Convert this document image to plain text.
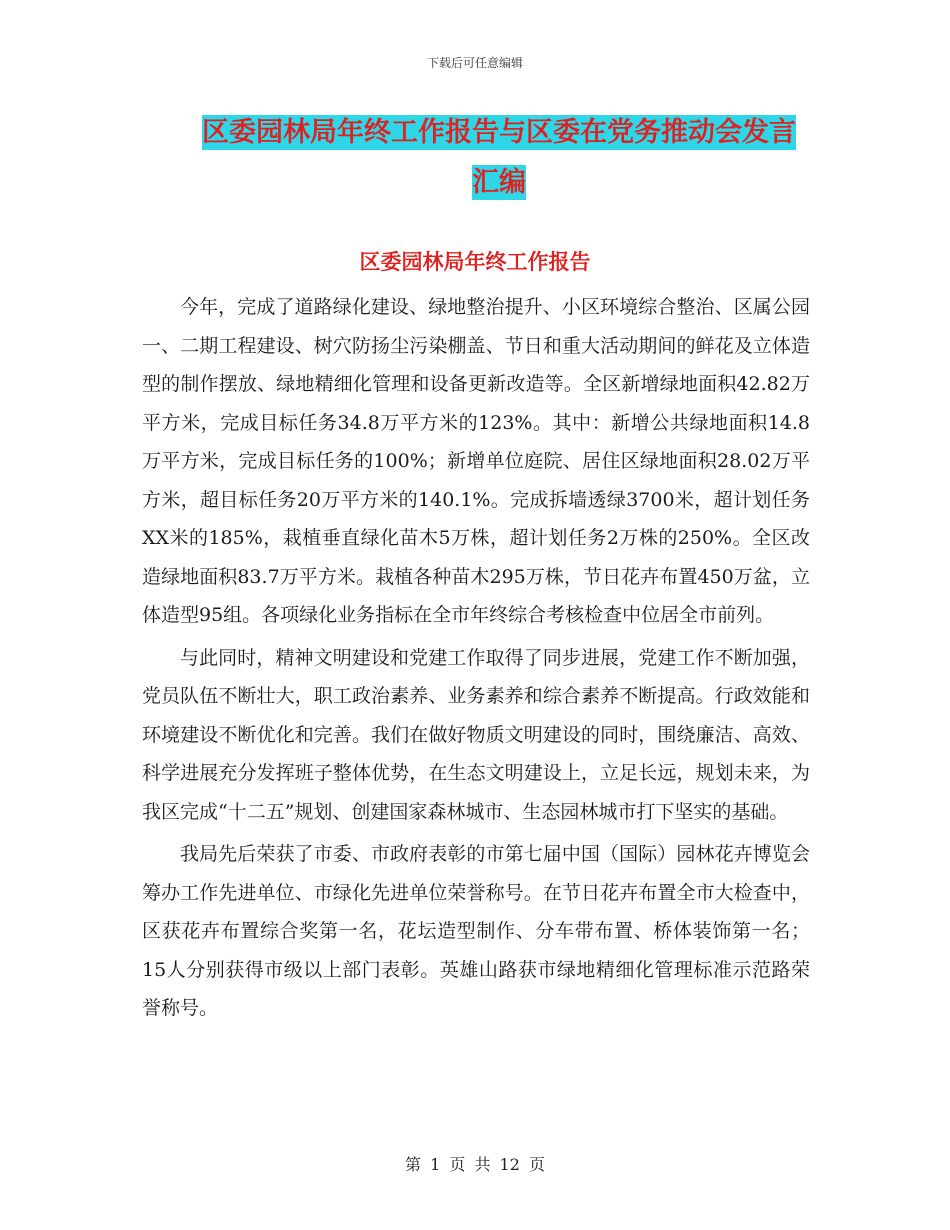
下载后可任意编辑
区委园林局年终工作报告与区委在党务推动会发言汇编
区委园林局年终工作报告

今年，完成了道路绿化建设、绿地整治提升、小区环境综合整治、区属公园一、二期工程建设、树穴防扬尘污染棚盖、节日和重大活动期间的鲜花及立体造型的制作摆放、绿地精细化管理和设备更新改造等。全区新增绿地面积42.82万平方米，完成目标任务34.8万平方米的123%。其中：新增公共绿地面积14.8万平方米，完成目标任务的100%；新增单位庭院、居住区绿地面积28.02万平方米，超目标任务20万平方米的140.1%。完成拆墙透绿3700米，超计划任务XX米的185%，栽植垂直绿化苗木5万株，超计划任务2万株的250%。全区改造绿地面积83.7万平方米。栽植各种苗木295万株，节日花卉布置450万盆，立体造型95组。各项绿化业务指标在全市年终综合考核检查中位居全市前列。

与此同时，精神文明建设和党建工作取得了同步进展，党建工作不断加强，党员队伍不断壮大，职工政治素养、业务素养和综合素养不断提高。行政效能和环境建设不断优化和完善。我们在做好物质文明建设的同时，围绕廉洁、高效、科学进展充分发挥班子整体优势，在生态文明建设上，立足长远，规划未来，为我区完成“十二五”规划、创建国家森林城市、生态园林城市打下坚实的基础。

我局先后荣获了市委、市政府表彰的市第七届中国（国际）园林花卉博览会筹办工作先进单位、市绿化先进单位荣誉称号。在节日花卉布置全市大检查中，区获花卉布置综合奖第一名，花坛造型制作、分车带布置、桥体装饰第一名；15人分别获得市级以上部门表彰。英雄山路获市绿地精细化管理标准示范路荣誉称号。

第 1 页 共 12 页
